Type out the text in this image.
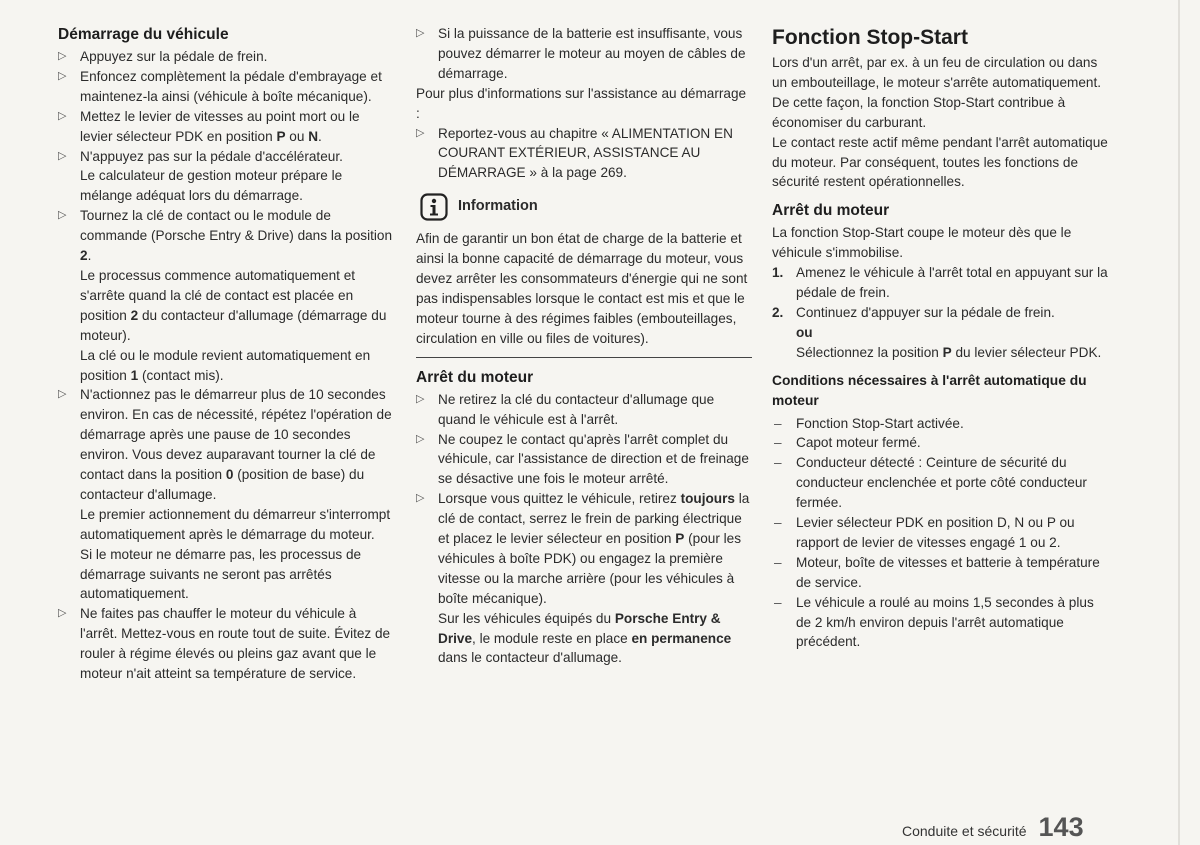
Démarrage du véhicule
▷ Appuyez sur la pédale de frein.
▷ Enfoncez complètement la pédale d'embrayage et maintenez-la ainsi (véhicule à boîte mécanique).
▷ Mettez le levier de vitesses au point mort ou le levier sélecteur PDK en position P ou N.
▷ N'appuyez pas sur la pédale d'accélérateur.

Le calculateur de gestion moteur prépare le mélange adéquat lors du démarrage.

▷ Tournez la clé de contact ou le module de commande (Porsche Entry & Drive) dans la position 2.

Le processus commence automatiquement et s'arrête quand la clé de contact est placée en position 2 du contacteur d'allumage (démarrage du moteur).

La clé ou le module revient automatiquement en position 1 (contact mis).

▷ N'actionnez pas le démarreur plus de 10 secondes environ. En cas de nécessité, répétez l'opération de démarrage après une pause de 10 secondes environ. Vous devez auparavant tourner la clé de contact dans la position 0 (position de base) du contacteur d'allumage.

Le premier actionnement du démarreur s'interrompt automatiquement après le démarrage du moteur.

Si le moteur ne démarre pas, les processus de démarrage suivants ne seront pas arrêtés automatiquement.

▷ Ne faites pas chauffer le moteur du véhicule à l'arrêt. Mettez-vous en route tout de suite. Évitez de rouler à régime élevés ou pleins gaz avant que le moteur n'ait atteint sa température de service.
▷ Si la puissance de la batterie est insuffisante, vous pouvez démarrer le moteur au moyen de câbles de démarrage.

Pour plus d'informations sur l'assistance au démarrage :

▷ Reportez-vous au chapitre « ALIMENTATION EN COURANT EXTÉRIEUR, ASSISTANCE AU DÉMARRAGE » à la page 269.
Information

Afin de garantir un bon état de charge de la batterie et ainsi la bonne capacité de démarrage du moteur, vous devez arrêter les consommateurs d'énergie qui ne sont pas indispensables lorsque le contact est mis et que le moteur tourne à des régimes faibles (embouteillages, circulation en ville ou files de voitures).

Arrêt du moteur
▷ Ne retirez la clé du contacteur d'allumage que quand le véhicule est à l'arrêt.
▷ Ne coupez le contact qu'après l'arrêt complet du véhicule, car l'assistance de direction et de freinage se désactive une fois le moteur arrêté.
▷ Lorsque vous quittez le véhicule, retirez toujours la clé de contact, serrez le frein de parking électrique et placez le levier sélecteur en position P (pour les véhicules à boîte PDK) ou engagez la première vitesse ou la marche arrière (pour les véhicules à boîte mécanique).

Sur les véhicules équipés du Porsche Entry & Drive, le module reste en place en permanence dans le contacteur d'allumage.

Fonction Stop-Start

Lors d'un arrêt, par ex. à un feu de circulation ou dans un embouteillage, le moteur s'arrête automatiquement. De cette façon, la fonction Stop-Start contribue à économiser du carburant.

Le contact reste actif même pendant l'arrêt automatique du moteur. Par conséquent, toutes les fonctions de sécurité restent opérationnelles.

Arrêt du moteur

La fonction Stop-Start coupe le moteur dès que le véhicule s'immobilise.

1. Amenez le véhicule à l'arrêt total en appuyant sur la pédale de frein.
2. Continuez d'appuyer sur la pédale de frein.

ou

Sélectionnez la position P du levier sélecteur PDK.

Conditions nécessaires à l'arrêt automatique du moteur
– Fonction Stop-Start activée.
– Capot moteur fermé.
– Conducteur détecté : Ceinture de sécurité du conducteur enclenchée et porte côté conducteur fermée.
– Levier sélecteur PDK en position D, N ou P ou rapport de levier de vitesses engagé 1 ou 2.
– Moteur, boîte de vitesses et batterie à température de service.
– Le véhicule a roulé au moins 1,5 secondes à plus de 2 km/h environ depuis l'arrêt automatique précédent.
Conduite et sécurité 143
